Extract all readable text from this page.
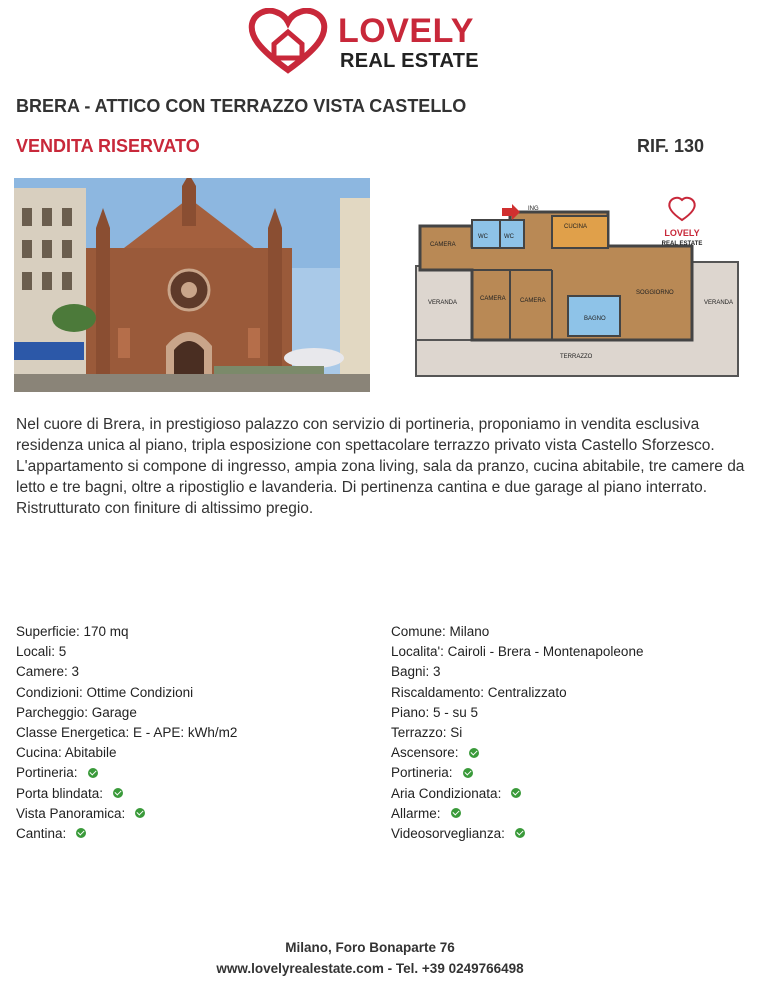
LOVELY
REAL ESTATE
BRERA - ATTICO CON TERRAZZO VISTA CASTELLO
VENDITA RISERVATO	RIF. 130
ING
CUCINA
WC	WC
CAMERA
CAMERA CAMERA
BAGNO
SOGGIORNO
VERANDA	VERANDA
TERRAZZO
LOVELY
REAL ESTATE
Nel cuore di Brera, in prestigioso palazzo con servizio di portineria, proponiamo in vendita esclusiva residenza unica al piano, tripla esposizione con spettacolare terrazzo privato vista Castello Sforzesco. L'appartamento si compone di ingresso, ampia zona living, sala da pranzo, cucina abitabile, tre camere da letto e tre bagni, oltre a ripostiglio e lavanderia. Di pertinenza cantina e due garage al piano interrato. Ristrutturato con finiture di altissimo pregio.
Superficie: 170 mq
Locali: 5
Camere: 3
Condizioni: Ottime Condizioni
Parcheggio: Garage
Classe Energetica: E - APE: kWh/m2
Cucina: Abitabile
Portineria:
Porta blindata:
Vista Panoramica:
Cantina:
Comune: Milano
Localita': Cairoli - Brera - Montenapoleone
Bagni: 3
Riscaldamento: Centralizzato
Piano: 5 - su 5
Terrazzo: Si
Ascensore:
Portineria:
Aria Condizionata:
Allarme:
Videosorveglianza:
Milano, Foro Bonaparte 76
www.lovelyrealestate.com - Tel. +39 0249766498
